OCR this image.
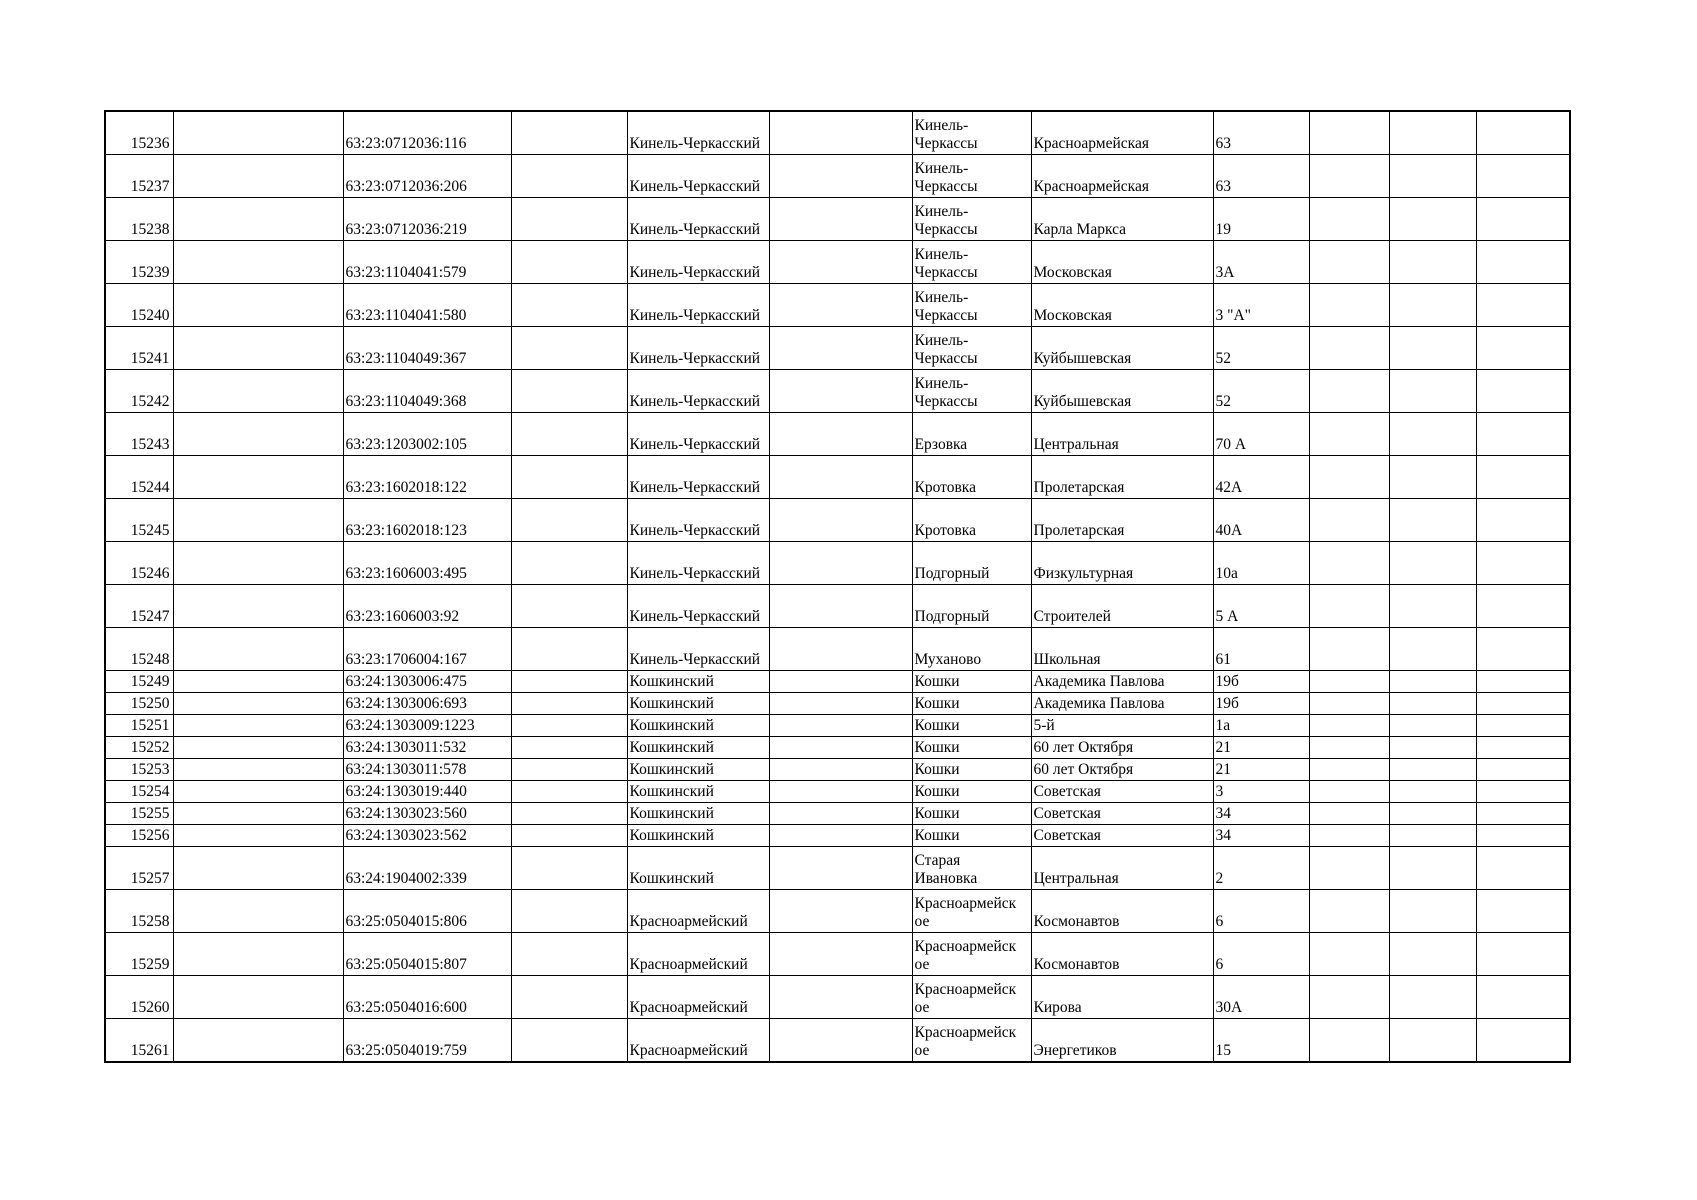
15236		63:23:0712036:116		Кинель-Черкасский		Кинель-
Черкассы	Красноармейская	63			
15237		63:23:0712036:206		Кинель-Черкасский		Кинель-
Черкассы	Красноармейская	63			
15238		63:23:0712036:219		Кинель-Черкасский		Кинель-
Черкассы	Карла Маркса	19			
15239		63:23:1104041:579		Кинель-Черкасский		Кинель-
Черкассы	Московская	3А			
15240		63:23:1104041:580		Кинель-Черкасский		Кинель-
Черкассы	Московская	3 "А"			
15241		63:23:1104049:367		Кинель-Черкасский		Кинель-
Черкассы	Куйбышевская	52			
15242		63:23:1104049:368		Кинель-Черкасский		Кинель-
Черкассы	Куйбышевская	52			
15243		63:23:1203002:105		Кинель-Черкасский		Ерзовка	Центральная	70 А			
15244		63:23:1602018:122		Кинель-Черкасский		Кротовка	Пролетарская	42А			
15245		63:23:1602018:123		Кинель-Черкасский		Кротовка	Пролетарская	40А			
15246		63:23:1606003:495		Кинель-Черкасский		Подгорный	Физкультурная	10а			
15247		63:23:1606003:92		Кинель-Черкасский		Подгорный	Строителей	5 А			
15248		63:23:1706004:167		Кинель-Черкасский		Муханово	Школьная	61			
15249		63:24:1303006:475		Кошкинский		Кошки	Академика Павлова	19б			
15250		63:24:1303006:693		Кошкинский		Кошки	Академика Павлова	19б			
15251		63:24:1303009:1223		Кошкинский		Кошки	5-й	1а			
15252		63:24:1303011:532		Кошкинский		Кошки	60 лет Октября	21			
15253		63:24:1303011:578		Кошкинский		Кошки	60 лет Октября	21			
15254		63:24:1303019:440		Кошкинский		Кошки	Советская	3			
15255		63:24:1303023:560		Кошкинский		Кошки	Советская	34			
15256		63:24:1303023:562		Кошкинский		Кошки	Советская	34			
15257		63:24:1904002:339		Кошкинский		Старая
Ивановка	Центральная	2			
15258		63:25:0504015:806		Красноармейский		Красноармейск
ое	Космонавтов	6			
15259		63:25:0504015:807		Красноармейский		Красноармейск
ое	Космонавтов	6			
15260		63:25:0504016:600		Красноармейский		Красноармейск
ое	Кирова	30А			
15261		63:25:0504019:759		Красноармейский		Красноармейск
ое	Энергетиков	15			
